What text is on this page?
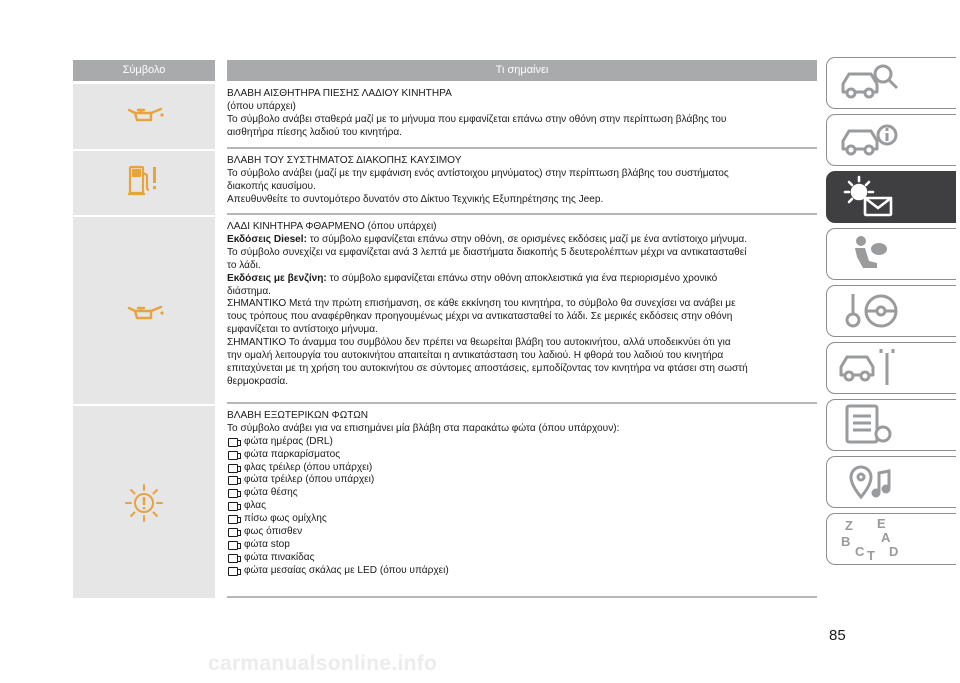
Σύμβολο	Τι σημαίνει

ΒΛΑΒΗ ΑΙΣΘΗΤΗΡΑ ΠΙΕΣΗΣ ΛΑΔΙΟΥ ΚΙΝΗΤΗΡΑ

(όπου υπάρχει)

Το σύμβολο ανάβει σταθερά μαζί με το μήνυμα που εμφανίζεται επάνω στην οθόνη στην περίπτωση βλάβης του

αισθητήρα πίεσης λαδιού του κινητήρα.

ΒΛΑΒΗ ΤΟΥ ΣΥΣΤΗΜΑΤΟΣ ΔΙΑΚΟΠΗΣ ΚΑΥΣΙΜΟΥ

Το σύμβολο ανάβει (μαζί με την εμφάνιση ενός αντίστοιχου μηνύματος) στην περίπτωση βλάβης του συστήματος

διακοπής καυσίμου.

Απευθυνθείτε το συντομότερο δυνατόν στο Δίκτυο Τεχνικής Εξυπηρέτησης της Jeep.

ΛΑΔΙ ΚΙΝΗΤΗΡΑ ΦΘΑΡΜΕΝΟ (όπου υπάρχει)

Εκδόσεις Diesel: το σύμβολο εμφανίζεται επάνω στην οθόνη, σε ορισμένες εκδόσεις μαζί με ένα αντίστοιχο μήνυμα.

Το σύμβολο συνεχίζει να εμφανίζεται ανά 3 λεπτά με διαστήματα διακοπής 5 δευτερολέπτων μέχρι να αντικατασταθεί

το λάδι.

Εκδόσεις με βενζίνη: το σύμβολο εμφανίζεται επάνω στην οθόνη αποκλειστικά για ένα περιορισμένο χρονικό

διάστημα.

ΣΗΜΑΝΤΙΚΟ Μετά την πρώτη επισήμανση, σε κάθε εκκίνηση του κινητήρα, το σύμβολο θα συνεχίσει να ανάβει με

τους τρόπους που αναφέρθηκαν προηγουμένως μέχρι να αντικατασταθεί το λάδι. Σε μερικές εκδόσεις στην οθόνη

εμφανίζεται το αντίστοιχο μήνυμα.

ΣΗΜΑΝΤΙΚΟ Το άναμμα του συμβόλου δεν πρέπει να θεωρείται βλάβη του αυτοκινήτου, αλλά υποδεικνύει ότι για

την ομαλή λειτουργία του αυτοκινήτου απαιτείται η αντικατάσταση του λαδιού. Η φθορά του λαδιού του κινητήρα

επιταχύνεται με τη χρήση του αυτοκινήτου σε σύντομες αποστάσεις, εμποδίζοντας τον κινητήρα να φτάσει στη σωστή

θερμοκρασία.

ΒΛΑΒΗ ΕΞΩΤΕΡΙΚΩΝ ΦΩΤΩΝ

Το σύμβολο ανάβει για να επισημάνει μία βλάβη στα παρακάτω φώτα (όπου υπάρχουν):

φώτα ημέρας (DRL)
φώτα παρκαρίσματος
φλας τρέιλερ (όπου υπάρχει)
φώτα τρέιλερ (όπου υπάρχει)
φώτα θέσης
φλας
πίσω φως ομίχλης
φως όπισθεν
φώτα stop
φώτα πινακίδας
φώτα μεσαίας σκάλας με LED (όπου υπάρχει)
Z E
B A
C T D
85
carmanualsonline.info
